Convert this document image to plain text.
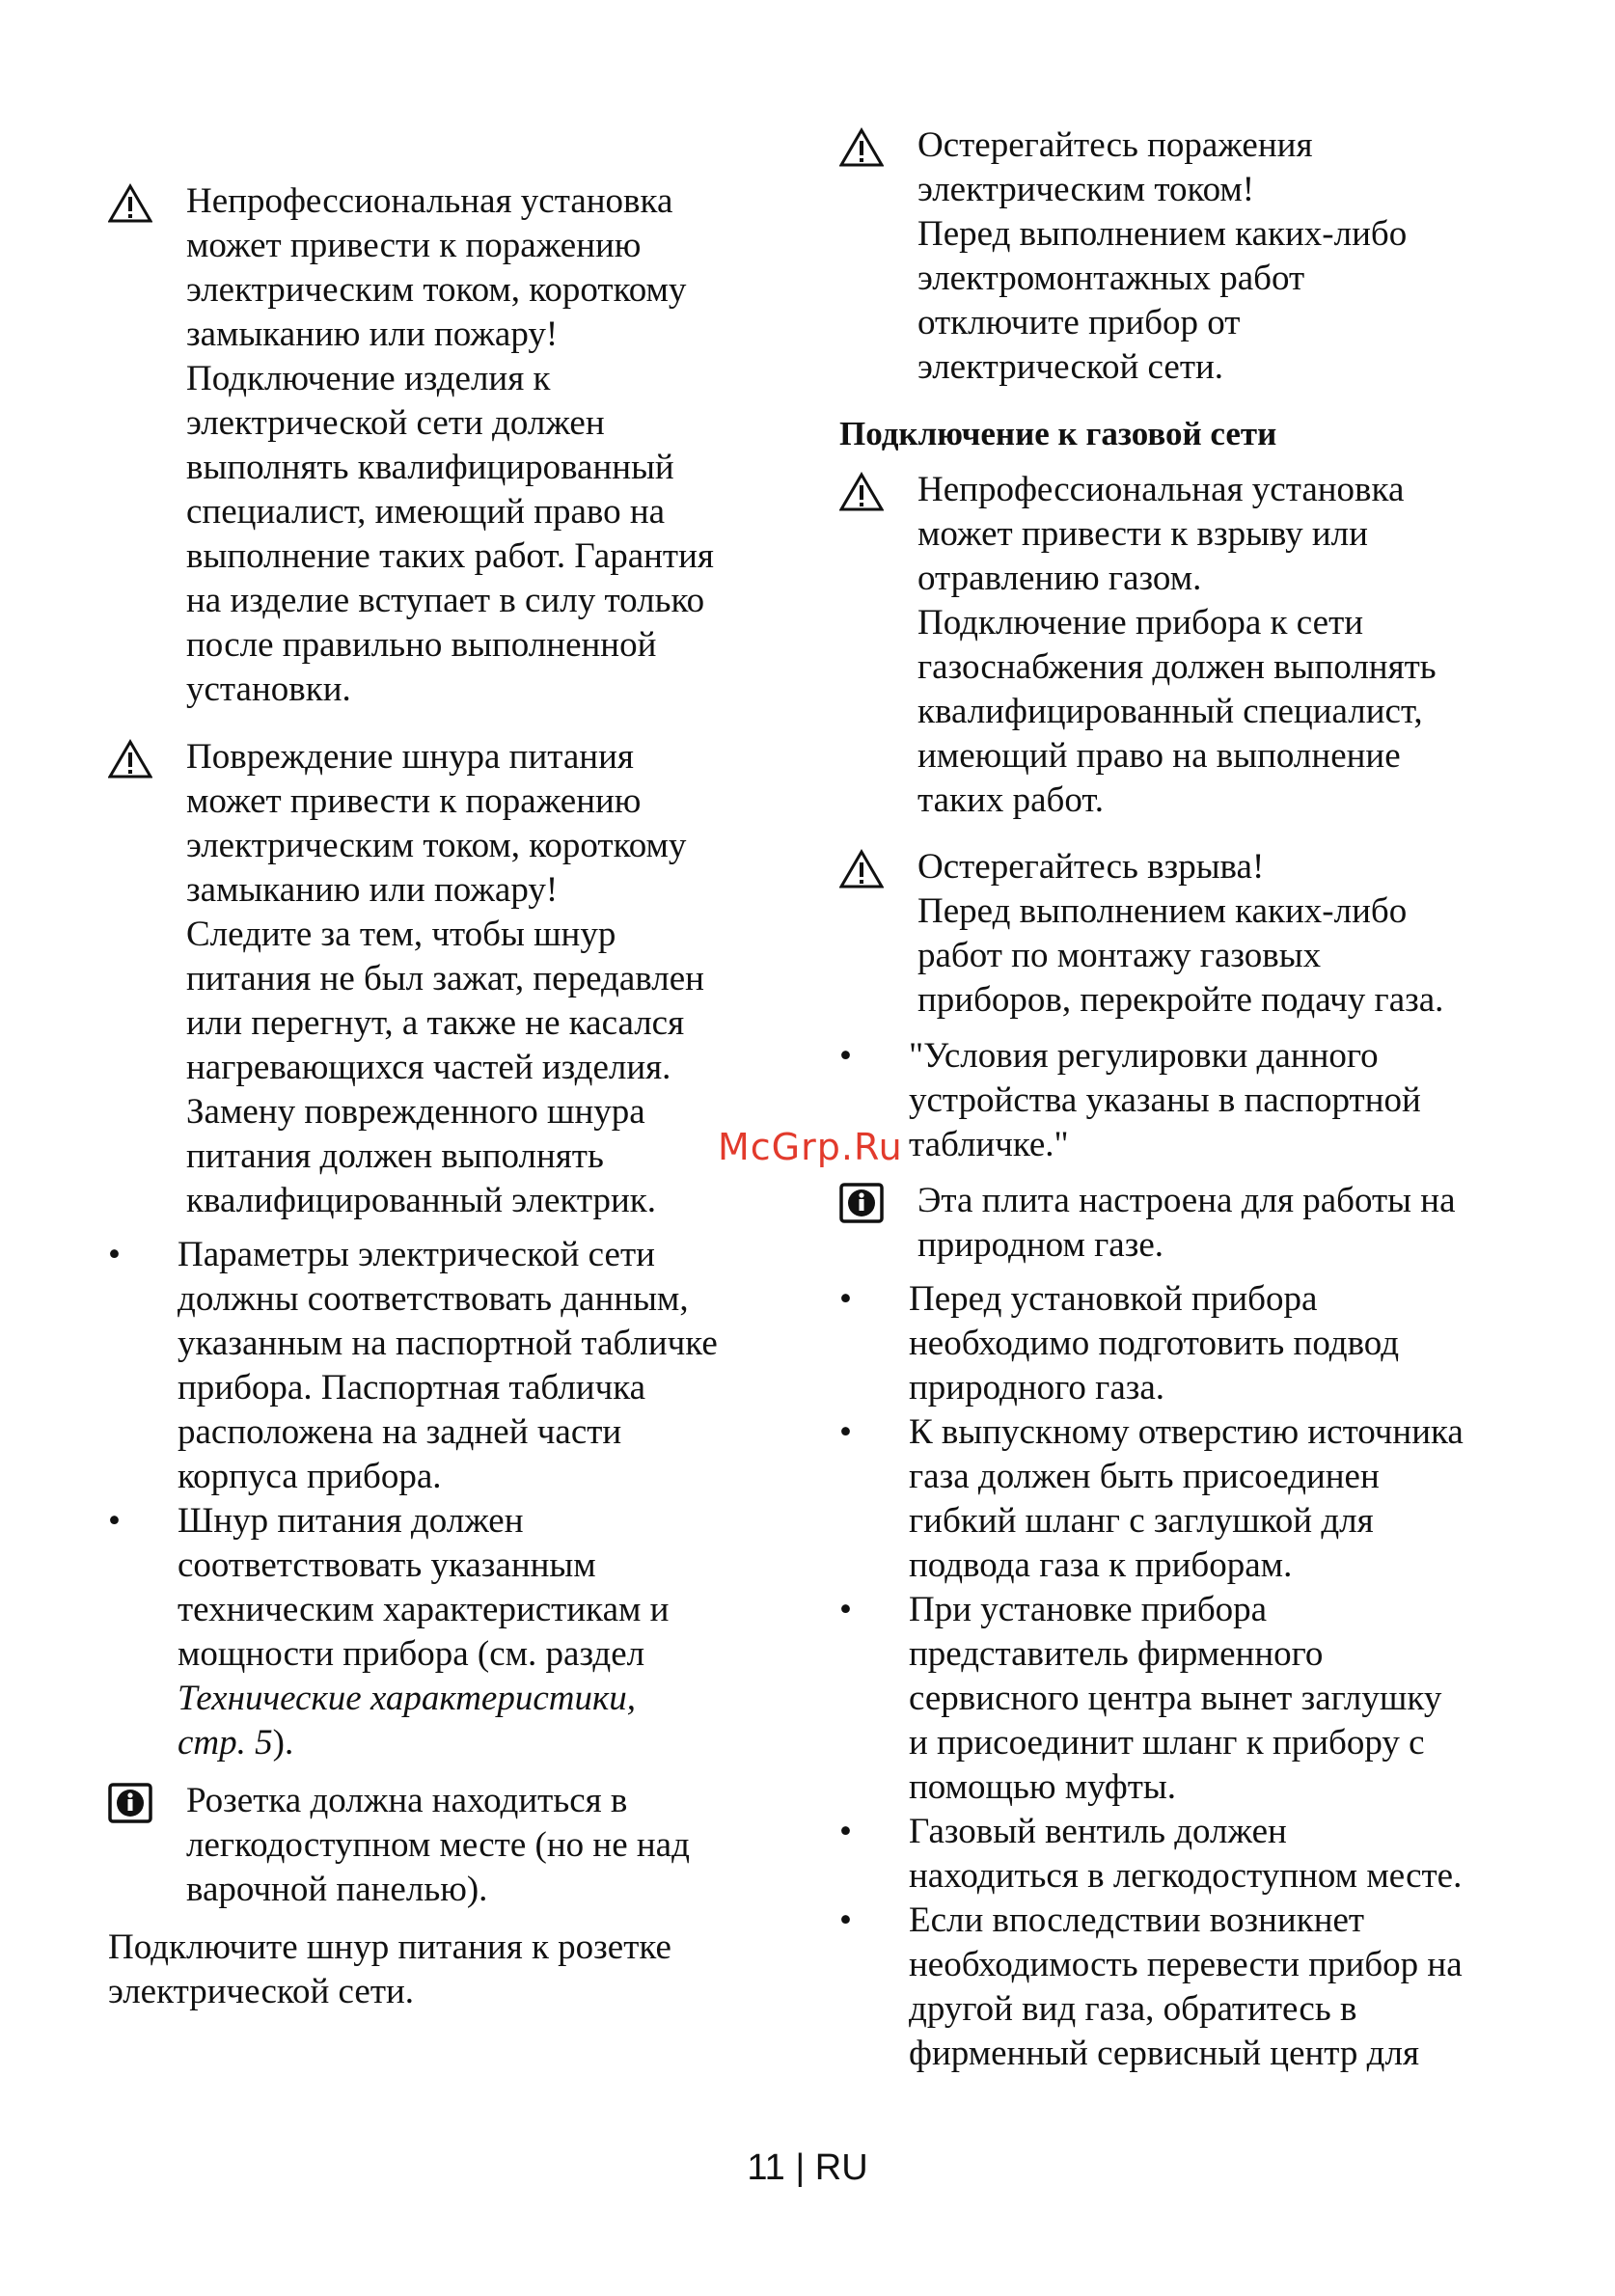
Непрофессиональная установка
может привести к поражению
электрическим током, короткому
замыканию или пожару!
Подключение изделия к
электрической сети должен
выполнять квалифицированный
специалист, имеющий право на
выполнение таких работ. Гарантия
на изделие вступает в силу только
после правильно выполненной
установки.
Повреждение шнура питания
может привести к поражению
электрическим током, короткому
замыканию или пожару!
Следите за тем, чтобы шнур
питания не был зажат, передавлен
или перегнут, а также не касался
нагревающихся частей изделия.
Замену поврежденного шнура
питания должен выполнять
квалифицированный электрик.
•	Параметры электрической сети
должны соответствовать данным,
указанным на паспортной табличке
прибора. Паспортная табличка
расположена на задней части
корпуса прибора.
•	Шнур питания должен
соответствовать указанным
техническим характеристикам и
мощности прибора (см. раздел
Технические характеристики,
стр. 5).
Розетка должна находиться в
легкодоступном месте (но не над
варочной панелью).
Подключите шнур питания к розетке
электрической сети.
Остерегайтесь поражения
электрическим током!
Перед выполнением каких-либо
электромонтажных работ
отключите прибор от
электрической сети.
Подключение к газовой сети
Непрофессиональная установка
может привести к взрыву или
отравлению газом.
Подключение прибора к сети
газоснабжения должен выполнять
квалифицированный специалист,
имеющий право на выполнение
таких работ.
Остерегайтесь взрыва!
Перед выполнением каких-либо
работ по монтажу газовых
приборов, перекройте подачу газа.
•	"Условия регулировки данного
устройства указаны в паспортной
табличке."
Эта плита настроена для работы на
природном газе.
•	Перед установкой прибора
необходимо подготовить подвод
природного газа.
•	К выпускному отверстию источника
газа должен быть присоединен
гибкий шланг с заглушкой для
подвода газа к приборам.
•	При установке прибора
представитель фирменного
сервисного центра вынет заглушку
и присоединит шланг к прибору с
помощью муфты.
•	Газовый вентиль должен
находиться в легкодоступном месте.
•	Если впоследствии возникнет
необходимость перевести прибор на
другой вид газа, обратитесь в
фирменный сервисный центр для
McGrp.Ru
11 | RU
